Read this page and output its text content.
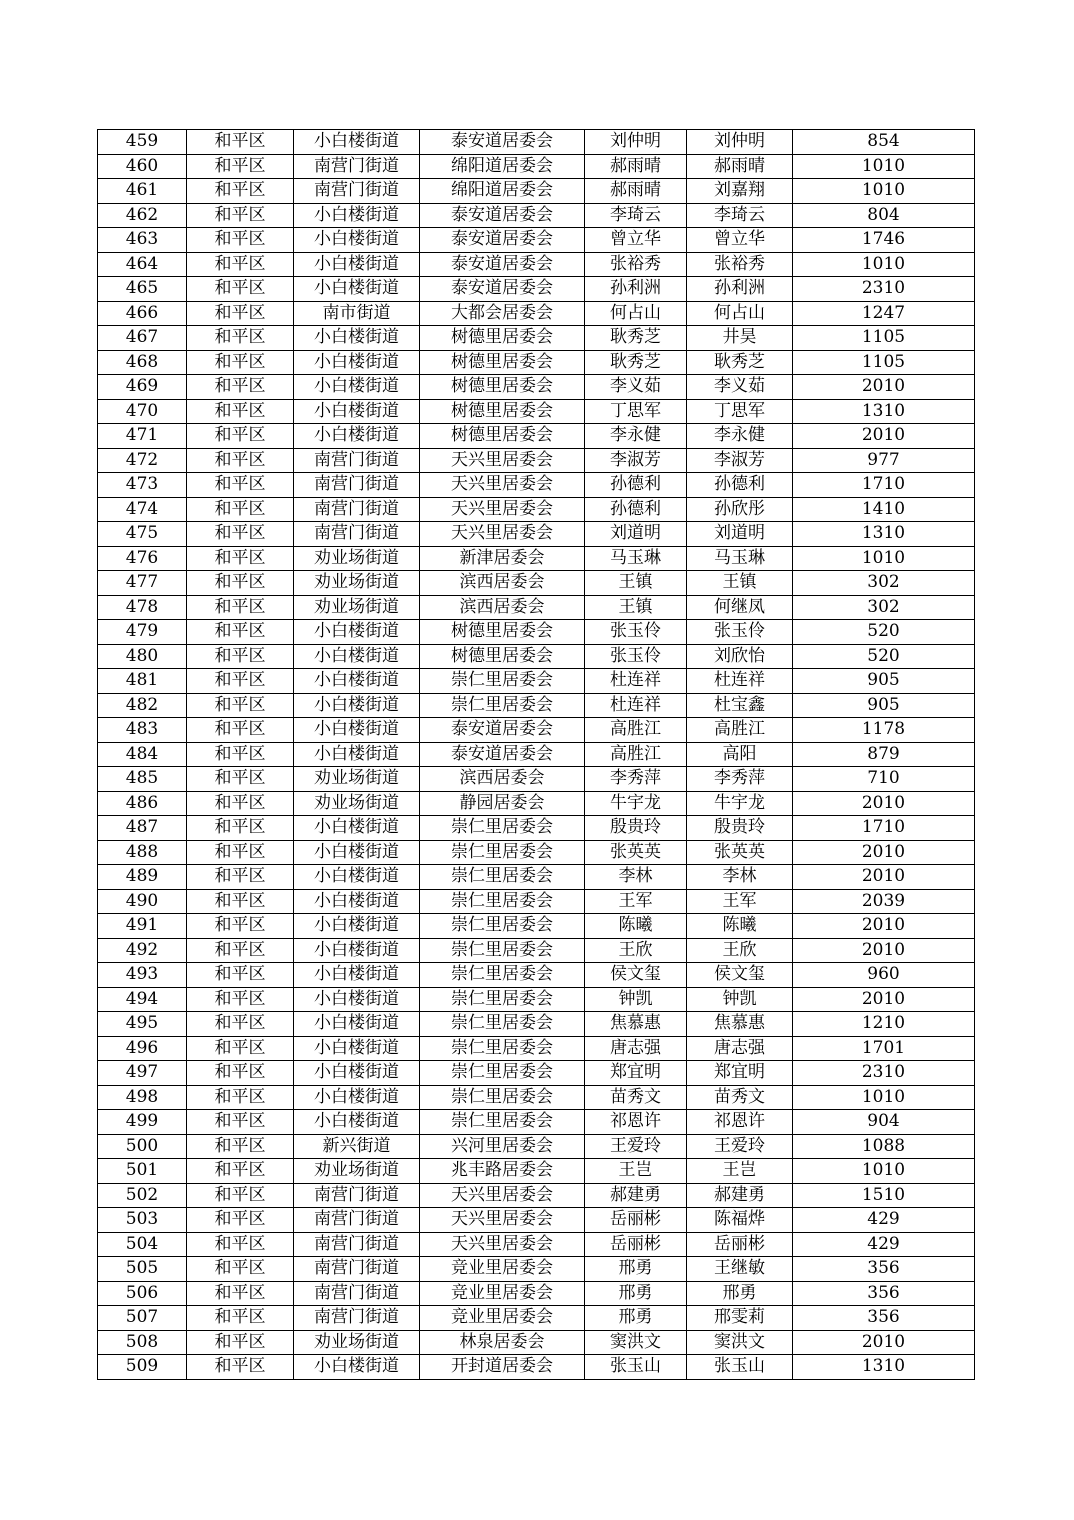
459	和平区	小白楼街道	泰安道居委会	刘仲明	刘仲明	854
460	和平区	南营门街道	绵阳道居委会	郝雨晴	郝雨晴	1010
461	和平区	南营门街道	绵阳道居委会	郝雨晴	刘嘉翔	1010
462	和平区	小白楼街道	泰安道居委会	李琦云	李琦云	804
463	和平区	小白楼街道	泰安道居委会	曾立华	曾立华	1746
464	和平区	小白楼街道	泰安道居委会	张裕秀	张裕秀	1010
465	和平区	小白楼街道	泰安道居委会	孙利洲	孙利洲	2310
466	和平区	南市街道	大都会居委会	何占山	何占山	1247
467	和平区	小白楼街道	树德里居委会	耿秀芝	井昊	1105
468	和平区	小白楼街道	树德里居委会	耿秀芝	耿秀芝	1105
469	和平区	小白楼街道	树德里居委会	李义茹	李义茹	2010
470	和平区	小白楼街道	树德里居委会	丁思军	丁思军	1310
471	和平区	小白楼街道	树德里居委会	李永健	李永健	2010
472	和平区	南营门街道	天兴里居委会	李淑芳	李淑芳	977
473	和平区	南营门街道	天兴里居委会	孙德利	孙德利	1710
474	和平区	南营门街道	天兴里居委会	孙德利	孙欣彤	1410
475	和平区	南营门街道	天兴里居委会	刘道明	刘道明	1310
476	和平区	劝业场街道	新津居委会	马玉琳	马玉琳	1010
477	和平区	劝业场街道	滨西居委会	王镇	王镇	302
478	和平区	劝业场街道	滨西居委会	王镇	何继凤	302
479	和平区	小白楼街道	树德里居委会	张玉伶	张玉伶	520
480	和平区	小白楼街道	树德里居委会	张玉伶	刘欣怡	520
481	和平区	小白楼街道	崇仁里居委会	杜连祥	杜连祥	905
482	和平区	小白楼街道	崇仁里居委会	杜连祥	杜宝鑫	905
483	和平区	小白楼街道	泰安道居委会	高胜江	高胜江	1178
484	和平区	小白楼街道	泰安道居委会	高胜江	高阳	879
485	和平区	劝业场街道	滨西居委会	李秀萍	李秀萍	710
486	和平区	劝业场街道	静园居委会	牛宇龙	牛宇龙	2010
487	和平区	小白楼街道	崇仁里居委会	殷贵玲	殷贵玲	1710
488	和平区	小白楼街道	崇仁里居委会	张英英	张英英	2010
489	和平区	小白楼街道	崇仁里居委会	李林	李林	2010
490	和平区	小白楼街道	崇仁里居委会	王军	王军	2039
491	和平区	小白楼街道	崇仁里居委会	陈曦	陈曦	2010
492	和平区	小白楼街道	崇仁里居委会	王欣	王欣	2010
493	和平区	小白楼街道	崇仁里居委会	侯文玺	侯文玺	960
494	和平区	小白楼街道	崇仁里居委会	钟凯	钟凯	2010
495	和平区	小白楼街道	崇仁里居委会	焦慕惠	焦慕惠	1210
496	和平区	小白楼街道	崇仁里居委会	唐志强	唐志强	1701
497	和平区	小白楼街道	崇仁里居委会	郑宜明	郑宜明	2310
498	和平区	小白楼街道	崇仁里居委会	苗秀文	苗秀文	1010
499	和平区	小白楼街道	崇仁里居委会	祁恩许	祁恩许	904
500	和平区	新兴街道	兴河里居委会	王爱玲	王爱玲	1088
501	和平区	劝业场街道	兆丰路居委会	王岂	王岂	1010
502	和平区	南营门街道	天兴里居委会	郝建勇	郝建勇	1510
503	和平区	南营门街道	天兴里居委会	岳丽彬	陈福烨	429
504	和平区	南营门街道	天兴里居委会	岳丽彬	岳丽彬	429
505	和平区	南营门街道	竞业里居委会	邢勇	王继敏	356
506	和平区	南营门街道	竞业里居委会	邢勇	邢勇	356
507	和平区	南营门街道	竞业里居委会	邢勇	邢雯莉	356
508	和平区	劝业场街道	林泉居委会	窦洪文	窦洪文	2010
509	和平区	小白楼街道	开封道居委会	张玉山	张玉山	1310
